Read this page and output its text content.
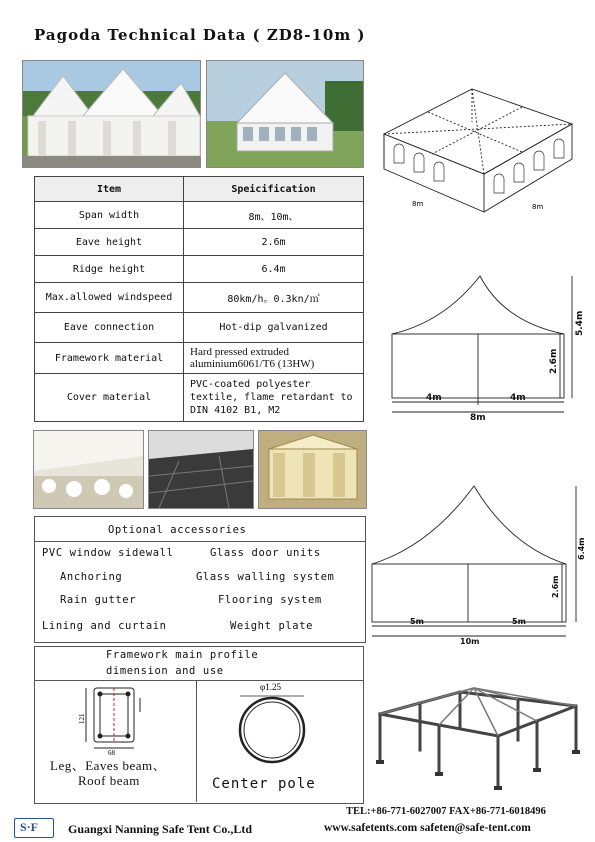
Pagoda Technical Data ( ZD8-10m )
8m	8m
Item	Speicification
Span width	8m、10m、
Eave height	2.6m
Ridge height	6.4m
Max.allowed windspeed	80km/h。0.3kn/㎡
Eave connection	Hot-dip galvanized
Framework material	Hard pressed extruded aluminium6061/T6 (13HW)
Cover material	PVC-coated polyester textile, flame retardant to DIN 4102 B1, M2
5.4m
2.6m
4m	4m
8m
6.4m
2.6m
5m	5m
10m
Optional accessories
PVC window sidewall	Glass door units
Anchoring	Glass walling system
Rain gutter	Flooring system
Lining and curtain	Weight plate
Framework main profile
dimension and use
121
68
Leg、Eaves beam、
Roof beam
φ1.25
Center pole
TEL:+86-771-6027007 FAX+86-771-6018496
S·F Guangxi Nanning Safe Tent Co.,Ltd	www.safetents.com safeten@safe-tent.com
